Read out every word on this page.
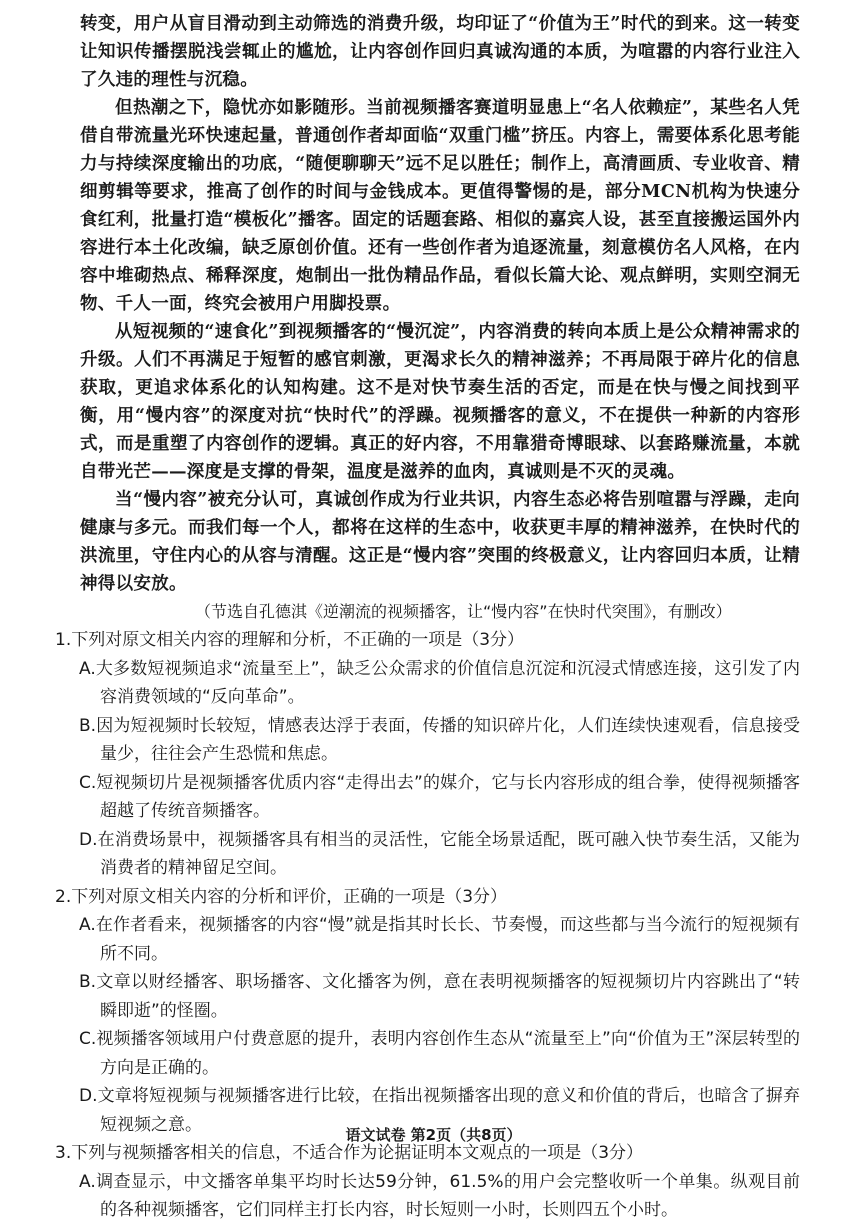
转变，用户从盲目滑动到主动筛选的消费升级，均印证了“价值为王”时代的到来。这一转变让知识传播摆脱浅尝辄止的尴尬，让内容创作回归真诚沟通的本质，为喧嚣的内容行业注入了久违的理性与沉稳。

但热潮之下，隐忧亦如影随形。当前视频播客赛道明显患上“名人依赖症”，某些名人凭借自带流量光环快速起量，普通创作者却面临“双重门槛”挤压。内容上，需要体系化思考能力与持续深度输出的功底，“随便聊聊天”远不足以胜任；制作上，高清画质、专业收音、精细剪辑等要求，推高了创作的时间与金钱成本。更值得警惕的是，部分MCN机构为快速分食红利，批量打造“模板化”播客。固定的话题套路、相似的嘉宾人设，甚至直接搬运国外内容进行本土化改编，缺乏原创价值。还有一些创作者为追逐流量，刻意模仿名人风格，在内容中堆砌热点、稀释深度，炮制出一批伪精品作品，看似长篇大论、观点鲜明，实则空洞无物、千人一面，终究会被用户用脚投票。

从短视频的“速食化”到视频播客的“慢沉淀”，内容消费的转向本质上是公众精神需求的升级。人们不再满足于短暂的感官刺激，更渴求长久的精神滋养；不再局限于碎片化的信息获取，更追求体系化的认知构建。这不是对快节奏生活的否定，而是在快与慢之间找到平衡，用“慢内容”的深度对抗“快时代”的浮躁。视频播客的意义，不在提供一种新的内容形式，而是重塑了内容创作的逻辑。真正的好内容，不用靠猎奇博眼球、以套路赚流量，本就自带光芒——深度是支撑的骨架，温度是滋养的血肉，真诚则是不灭的灵魂。

当“慢内容”被充分认可，真诚创作成为行业共识，内容生态必将告别喧嚣与浮躁，走向健康与多元。而我们每一个人，都将在这样的生态中，收获更丰厚的精神滋养，在快时代的洪流里，守住内心的从容与清醒。这正是“慢内容”突围的终极意义，让内容回归本质，让精神得以安放。

（节选自孔德淇《逆潮流的视频播客，让“慢内容”在快时代突围》，有删改）

1.下列对原文相关内容的理解和分析，不正确的一项是（3分）

A.大多数短视频追求“流量至上”，缺乏公众需求的价值信息沉淀和沉浸式情感连接，这引发了内容消费领域的“反向革命”。

B.因为短视频时长较短，情感表达浮于表面，传播的知识碎片化，人们连续快速观看，信息接受量少，往往会产生恐慌和焦虑。

C.短视频切片是视频播客优质内容“走得出去”的媒介，它与长内容形成的组合拳，使得视频播客超越了传统音频播客。

D.在消费场景中，视频播客具有相当的灵活性，它能全场景适配，既可融入快节奏生活，又能为消费者的精神留足空间。

2.下列对原文相关内容的分析和评价，正确的一项是（3分）

A.在作者看来，视频播客的内容“慢”就是指其时长长、节奏慢，而这些都与当今流行的短视频有所不同。

B.文章以财经播客、职场播客、文化播客为例，意在表明视频播客的短视频切片内容跳出了“转瞬即逝”的怪圈。

C.视频播客领域用户付费意愿的提升，表明内容创作生态从“流量至上”向“价值为王”深层转型的方向是正确的。

D.文章将短视频与视频播客进行比较，在指出视频播客出现的意义和价值的背后，也暗含了摒弃短视频之意。

3.下列与视频播客相关的信息，不适合作为论据证明本文观点的一项是（3分）

A.调查显示，中文播客单集平均时长达59分钟，61.5%的用户会完整收听一个单集。纵观目前的各种视频播客，它们同样主打长内容，时长短则一小时，长则四五个小时。

语文试卷 第2页（共8页）
